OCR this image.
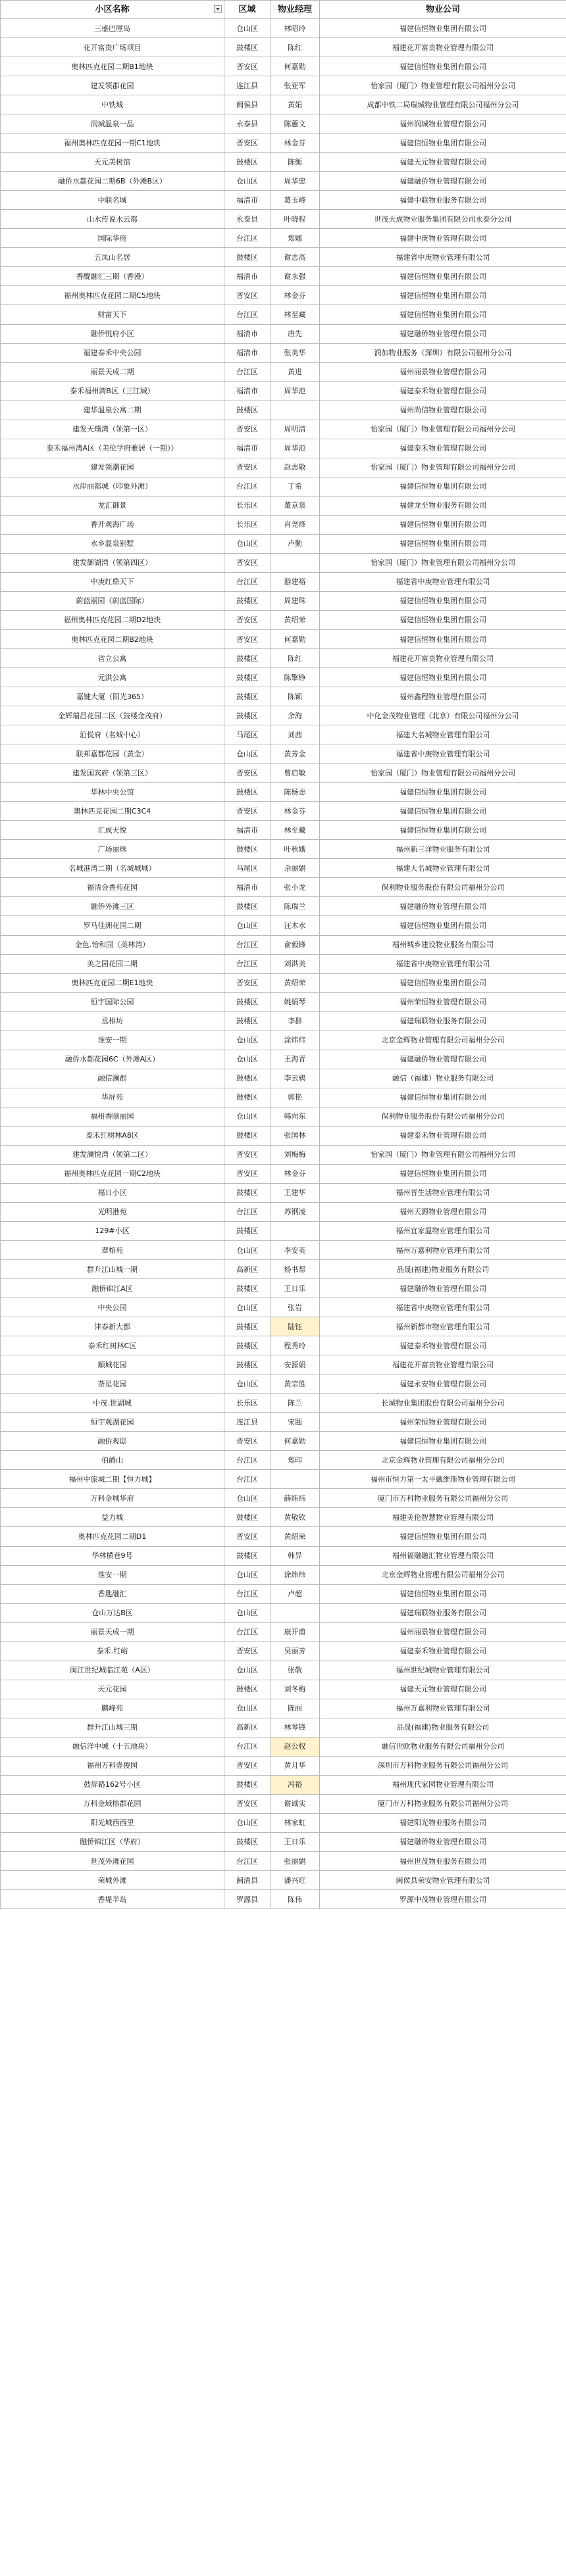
小区名称	区域	物业经理	物业公司
三盛巴厘岛	仓山区	林昭玲	福建信恒物业集团有限公司
花开富贵广场项目	鼓楼区	陈红	福建花开富贵物业管理有限公司
奥林匹克花园二期B1地块	晋安区	何嘉勋	福建信恒物业集团有限公司
建发领郡花园	连江县	张亚军	怡家园（厦门）物业管理有限公司福州分公司
中铁城	闽侯县	黄娟	成都中铁二局瑞城物业管理有限公司福州分公司
润城温泉一品	永泰县	陈蕙文	福州润城物业管理有限公司
福州奥林匹克花园一期C1地块	晋安区	林金芬	福建信恒物业集团有限公司
天元美树馆	鼓楼区	陈衡	福建天元物业管理有限公司
融侨水都花园二期6B（外滩B区）	仓山区	周华忠	福建融侨物业管理有限公司
中联名城	福清市	葛玉峰	福建中联物业服务有限公司
山水传说水云都	永泰县	叶晓程	世茂天成物业服务集团有限公司永泰分公司
国际华府	台江区	郑娜	福建中庚物业管理有限公司
五凤山名居	鼓楼区	谢志高	福建省中庚物业管理有限公司
香醍融汇三期（香漫）	福清市	谢永强	福建信恒物业集团有限公司
福州奥林匹克花园二期C5地块	晋安区	林金芬	福建信恒物业集团有限公司
财富天下	台江区	林至藏	福建信恒物业集团有限公司
融侨悦府小区	福清市	唐先	福建融侨物业管理有限公司
福建泰禾中央公园	福清市	张美华	润加物业服务（深圳）有限公司福州分公司
丽景天成二期	台江区	黄进	福州丽景物业管理有限公司
泰禾福州湾B区（三江城）	福清市	周华范	福建泰禾物业管理有限公司
建华温泉公寓二期	鼓楼区		福州尚信物业管理有限公司
建发天璞湾（领第一区）	晋安区	周明清	怡家园（厦门）物业管理有限公司福州分公司
泰禾福州湾A区（美伦学府雅居（一期））	福清市	周华范	福建泰禾物业管理有限公司
建发领潮花园	晋安区	赵志敬	怡家园（厦门）物业管理有限公司福州分公司
水岸丽都城（印象外滩）	台江区	丁希	福建信恒物业集团有限公司
龙汇御景	长乐区	董京泉	福建龙至物业服务有限公司
香开观海广场	长乐区	肖尧烽	福建信恒物业集团有限公司
水乡温泉别墅	仓山区	卢勤	福建信恒物业集团有限公司
建发御湖湾（领第四区）	晋安区		怡家园（厦门）物业管理有限公司福州分公司
中庚红鼎天下	台江区	游建裕	福建省中庚物业管理有限公司
蔚蓝丽园（蔚蓝国际）	鼓楼区	周建珠	福建信恒物业集团有限公司
福州奥林匹克花园二期D2地块	晋安区	黄绍荣	福建信恒物业集团有限公司
奥林匹克花园二期B2地块	晋安区	何嘉勋	福建信恒物业集团有限公司
省立公寓	鼓楼区	陈红	福建花开富贵物业管理有限公司
元洪公寓	鼓楼区	陈擎铮	福建信恒物业集团有限公司
嘉键大厦（阳光365）	鼓楼区	陈颖	福州鑫程物业管理有限公司
金辉瑞昌花园二区（鼓楼金茂府）	鼓楼区	余海	中化金茂物业管理（北京）有限公司福州分公司
泊悦府（名城中心）	马尾区	刘茜	福建大名城物业管理有限公司
联邦嘉都花园（黄金）	仓山区	黄芳金	福建省中庚物业管理有限公司
建发国宾府（领第三区）	晋安区	曾启敏	怡家园（厦门）物业管理有限公司福州分公司
华林中央公馆	鼓楼区	陈杨志	福建信恒物业集团有限公司
奥林匹克花园二期C3C4	晋安区	林金芬	福建信恒物业集团有限公司
汇成天悦	福清市	林至藏	福建信恒物业集团有限公司
广场丽珠	鼓楼区	叶秋娥	福州新三洋物业服务有限公司
名城港湾二期（名城城城）	马尾区	余丽娟	福建大名城物业管理有限公司
福清金香苑花园	福清市	张小龙	保利物业服务股份有限公司福州分公司
融侨外滩三区	鼓楼区	陈瑞兰	福建融侨物业管理有限公司
罗马佳洲花园二期	仓山区	汪木水	福建信恒物业集团有限公司
金色.怡和园（美林湾）	台江区	俞毅锋	福州城乡建设物业服务有限公司
美之园花园二期	台江区	刘洪美	福建省中庚物业管理有限公司
奥林匹克花园二期E1地块	晋安区	黄绍荣	福建信恒物业集团有限公司
恒宇国际公园	鼓楼区	姚娟琴	福州荣恒物业管理有限公司
丞相坊	鼓楼区	李群	福建瑞联物业服务有限公司
淮安一期	仓山区	涂炜炜	北京金辉物业管理有限公司福州分公司
融侨水都花园6C（外滩A区）	仓山区	王海青	福建融侨物业管理有限公司
融信澜郡	鼓楼区	李云鸦	融信（福建）物业服务有限公司
华屏苑	鼓楼区	郭艳	福建信恒物业集团有限公司
福州香颐丽园	仓山区	韩向东	保利物业服务股份有限公司福州分公司
泰禾红树林A8区	鼓楼区	张国林	福建泰禾物业管理有限公司
建发澜悦湾（领第二区）	晋安区	刘梅梅	怡家园（厦门）物业管理有限公司福州分公司
福州奥林匹克花园一期C2地块	晋安区	林金芬	福建信恒物业集团有限公司
福日小区	鼓楼区	王建华	福州晋生活物业管理有限公司
光明港苑	台江区	苏钢凌	福州天源物业管理有限公司
129#小区	鼓楼区		福州宜家温物业管理有限公司
翠榕苑	仓山区	李安英	福州万嘉利物业管理有限公司
群升江山城一期	高新区	杨书帮	品晟(福建)物业服务有限公司
融侨锦江A区	鼓楼区	王日乐	福建融侨物业管理有限公司
中央公园	仓山区	张岩	福建省中庚物业管理有限公司
津泰新大都	鼓楼区	陆钰	福州新都市物业管理有限公司
泰禾红树林C区	鼓楼区	程秀玲	福建泰禾物业管理有限公司
顺城花园	鼓楼区	安源娟	福建花开富贵物业管理有限公司
荼星花园	仓山区	黄宗胜	福建永安物业管理有限公司
中茂.世湖城	长乐区	陈兰	长城物业集团股份有限公司福州分公司
恒宇观湖花园	连江县	宋题	福州荣恒物业管理有限公司
融侨观邸	晋安区	何嘉勋	福建信恒物业集团有限公司
伯爵山	台江区	郑印	北京金辉物业管理有限公司福州分公司
福州中旅城二期【恒力城】	台江区		福州市恒力第一太平戴维斯物业管理有限公司
万科金城华府	仓山区	薛炜炜	厦门市万科物业服务有限公司福州分公司
益力城	鼓楼区	黄敬钦	福建美伦智慧物业管理有限公司
奥林匹克花园二期D1	晋安区	黄绍荣	福建信恒物业集团有限公司
华林横巷9号	鼓楼区	韩异	福州福融融汇物业管理有限公司
淮安一期	仓山区	涂炜炜	北京金辉物业管理有限公司福州分公司
香匙融汇	台江区	卢超	福建信恒物业集团有限公司
仓山万达B区	仓山区		福建瑞联物业服务有限公司
丽景天成一期	台江区	康开甫	福州丽景物业管理有限公司
泰禾.红峪	晋安区	吴丽芳	福建泰禾物业管理有限公司
闽江世纪城临江苑（A区）	仓山区	张敬	福州世纪城物业管理有限公司
天元花园	鼓楼区	刘冬梅	福建天元物业管理有限公司
鹏峰苑	仓山区	陈丽	福州万嘉利物业管理有限公司
群升江山城三期	高新区	林琴锋	品晟(福建)物业服务有限公司
融信洋中城（十五地块）	台江区	赵公权	融信世欧物业服务有限公司福州分公司
福州万科壹俊园	晋安区	黄月华	深圳市万科物业服务有限公司福州分公司
鼓屏路162号小区	鼓楼区	冯裕	福州现代家园物业管理有限公司
万科金域榕郡花园	晋安区	谢诚实	厦门市万科物业服务有限公司福州分公司
阳光城西西里	仓山区	林家虹	福建阳光物业服务有限公司
融侨锦江区（华府）	鼓楼区	王日乐	福建融侨物业管理有限公司
世茂外滩花园	台江区	张丽娟	福州世茂物业服务有限公司
荣城外滩	闽清县	潘兴旺	闽侯县荣安物业管理有限公司
香堤半岛	罗源县	陈伟	罗源中茂物业管理有限公司
